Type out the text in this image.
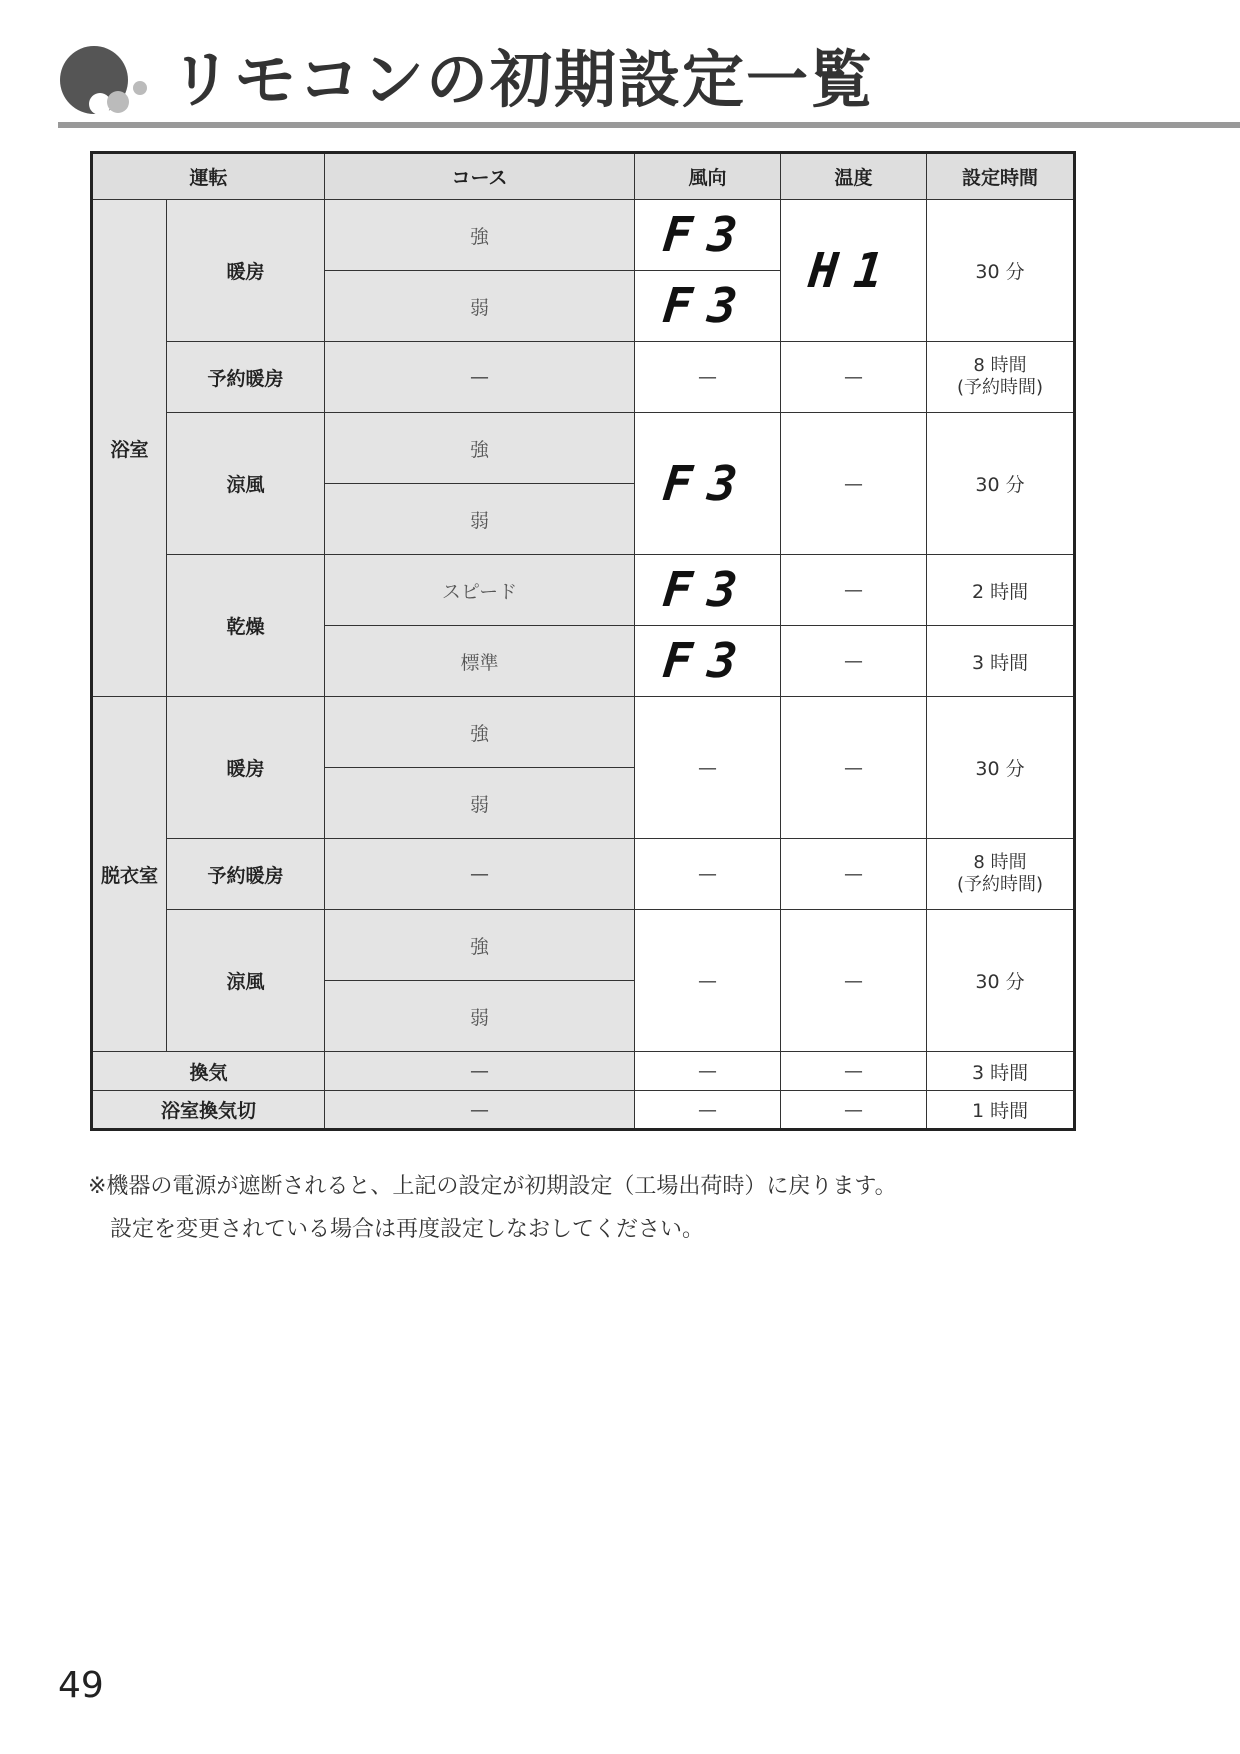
リモコンの初期設定一覧
運転		コース	風向	温度	設定時間
浴室	暖房	強	F3	H1	30 分
		弱	F3		
	予約暖房	—	—	—	8 時間
(予約時間)

	涼風	強	F3	—	30 分
		弱			
	乾燥	スピード	F3	—	2 時間
		標準	F3	—	3 時間
脱衣室	暖房	強	—	—	30 分
		弱			
	予約暖房	—	—	—	8 時間
(予約時間)

	涼風	強	—	—	30 分
		弱			
換気		—	—	—	3 時間
浴室換気切		—	—	—	1 時間
※機器の電源が遮断されると、上記の設定が初期設定（工場出荷時）に戻ります。
　設定を変更されている場合は再度設定しなおしてください。
49
